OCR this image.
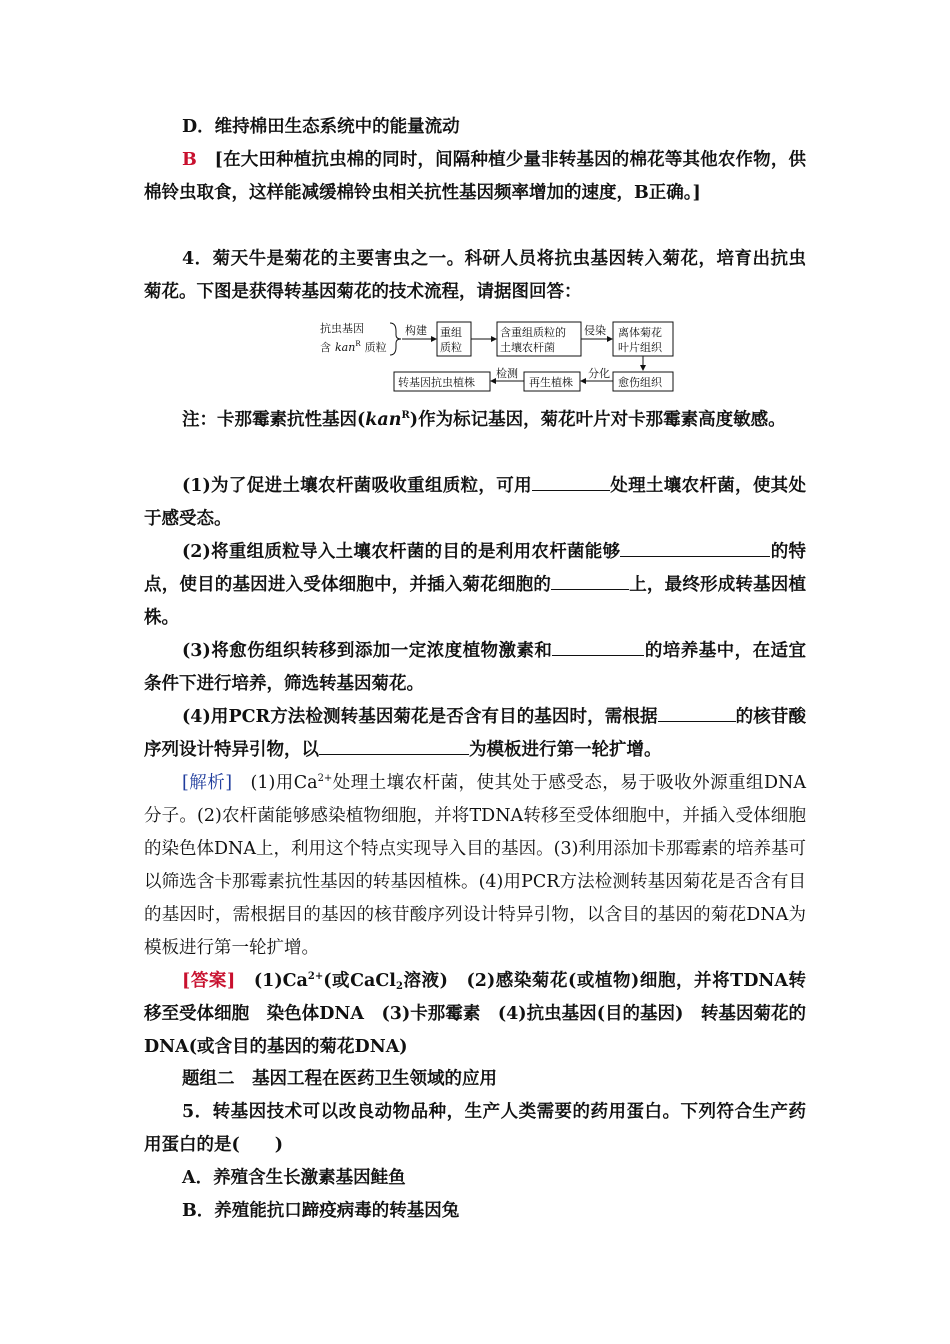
D．维持棉田生态系统中的能量流动
B　 [在大田种植抗虫棉的同时，间隔种植少量非转基因的棉花等其他农作物，供棉铃虫取食，这样能减缓棉铃虫相关抗性基因频率增加的速度，B正确。]
4．菊天牛是菊花的主要害虫之一。科研人员将抗虫基因转入菊花，培育出抗虫菊花。下图是获得转基因菊花的技术流程，请据图回答：
抗虫基因
含 kan$^R$ 质粒
构建 重组
质粒
含重组质粒的
土壤农杆菌
侵染 离体菊花
叶片组织
愈伤组织
分化
再生植株
检测
转基因抗虫植株
注：卡那霉素抗性基因(kan$^R$)作为标记基因，菊花叶片对卡那霉素高度敏感。
(1)为了促进土壤农杆菌吸收重组质粒，可用	处理土壤农杆菌，使其处于感受态。
(2)将重组质粒导入土壤农杆菌的目的是利用农杆菌能够	的特点，使目的基因进入受体细胞中，并插入菊花细胞的	上，最终形成转基因植株。
(3)将愈伤组织转移到添加一定浓度植物激素和	的培养基中，在适宜条件下进行培养，筛选转基因菊花。
(4)用PCR方法检测转基因菊花是否含有目的基因时，需根据	的核苷酸序列设计特异引物，以	为模板进行第一轮扩增。
[解析]　 (1)用$Ca^{2+}$处理土壤农杆菌，使其处于感受态，易于吸收外源重组DNA分子。(2)农杆菌能够感染植物细胞，并将TDNA转移至受体细胞中，并插入受体细胞的染色体DNA上，利用这个特点实现导入目的基因。(3)利用添加卡那霉素的培养基可以筛选含卡那霉素抗性基因的转基因植株。(4)用PCR方法检测转基因菊花是否含有目的基因时，需根据目的基因的核苷酸序列设计特异引物，以含目的基因的菊花DNA为模板进行第一轮扩增。
[答案]　 $(1)Ca^{2+}$(或CaCl$_2$溶液)　(2)感染菊花(或植物)细胞，并将TDNA转移至受体细胞　染色体DNA　(3)卡那霉素　(4)抗虫基因(目的基因)　转基因菊花的DNA(或含目的基因的菊花DNA)
题组二　基因工程在医药卫生领域的应用
5．转基因技术可以改良动物品种，生产人类需要的药用蛋白。下列符合生产药用蛋白的是(　　)
A．养殖含生长激素基因鲑鱼
B．养殖能抗口蹄疫病毒的转基因兔
